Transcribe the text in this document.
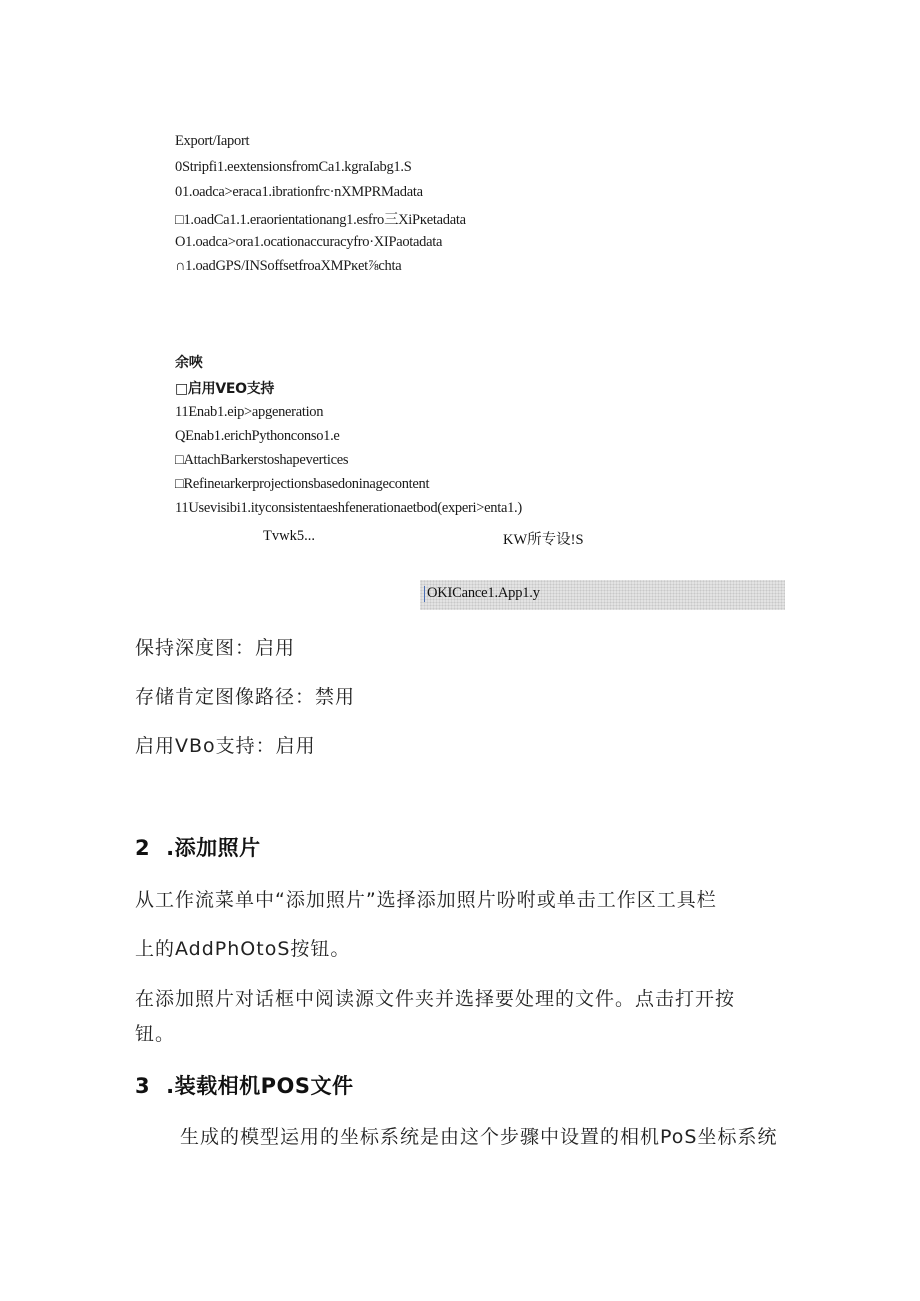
Export/Iaport

0Stripfi1.eextensionsfromCa1.kgraIabg1.S

01.oadca>eraca1.ibrationfrc·nXMPRMadata

□1.oadCa1.1.eraorientationang1.esfro三XiPĸetadata

O1.oadca>ora1.ocationaccuracyfro·XIPaotadata

∩1.oadGPS/INSoffsetfroaXMPĸet⅞chta

余唊

□启用VEO支持

11Enab1.eip>apgeneration

QEnab1.erichPythonconso1.e

□AttachBarkerstoshapevertices

□Refineιarkerprojectionsbasedoninagecontent

11Usevisibi1.ityconsistentaeshfenerationaetbod(experi>enta1.)

Tvwk5...	KW所专设!S
OKICance1.App1.y

保持深度图：启用

存储肯定图像路径：禁用

启用VBo支持：启用

2 .添加照片

从工作流菜单中“添加照片”选择添加照片吩咐或单击工作区工具栏

上的AddPhOtoS按钮。

在添加照片对话框中阅读源文件夹并选择要处理的文件。点击打开按

钮。

3 .装载相机POS文件

生成的模型运用的坐标系统是由这个步骤中设置的相机PoS坐标系统
